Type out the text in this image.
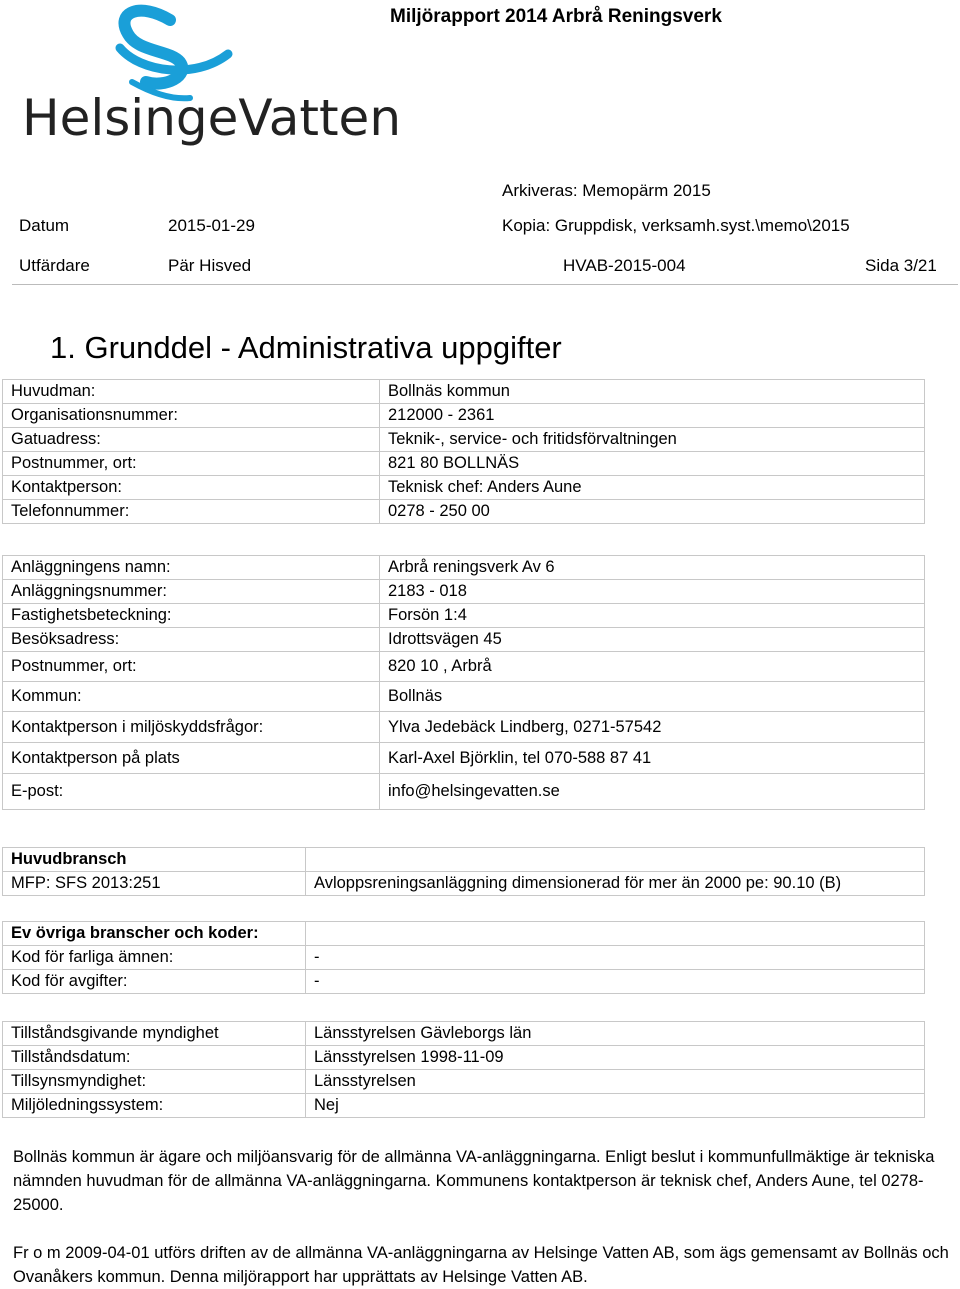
HelsingeVatten
Miljörapport 2014 Arbrå Reningsverk
Arkiveras: Memopärm 2015
Datum	2015-01-29	Kopia: Gruppdisk, verksamh.syst.\memo\2015
Utfärdare	Pär Hisved	HVAB-2015-004	Sida 3/21
1. Grunddel - Administrativa uppgifter
Huvudman:	Bollnäs kommun
Organisationsnummer:	212000 - 2361
Gatuadress:	Teknik-, service- och fritidsförvaltningen
Postnummer, ort:	821 80 BOLLNÄS
Kontaktperson:	Teknisk chef: Anders Aune
Telefonnummer:	0278 - 250 00
Anläggningens namn:	Arbrå reningsverk Av 6
Anläggningsnummer:	2183 - 018
Fastighetsbeteckning:	Forsön 1:4
Besöksadress:	Idrottsvägen 45
Postnummer, ort:	820 10 , Arbrå
Kommun:	Bollnäs
Kontaktperson i miljöskyddsfrågor:	Ylva Jedebäck Lindberg, 0271-57542
Kontaktperson på plats	Karl-Axel Björklin, tel 070-588 87 41
E-post:	info@helsingevatten.se
Huvudbransch	
MFP: SFS 2013:251	Avloppsreningsanläggning dimensionerad för mer än 2000 pe: 90.10 (B)
Ev övriga branscher och koder:	
Kod för farliga ämnen:	-
Kod för avgifter:	-
Tillståndsgivande myndighet	Länsstyrelsen Gävleborgs län
Tillståndsdatum:	Länsstyrelsen 1998-11-09
Tillsynsmyndighet:	Länsstyrelsen
Miljöledningssystem:	Nej
Bollnäs kommun är ägare och miljöansvarig för de allmänna VA-anläggningarna. Enligt beslut i kommunfullmäktige är tekniska nämnden huvudman för de allmänna VA-anläggningarna. Kommunens kontaktperson är teknisk chef, Anders Aune, tel 0278-25000.
Fr o m 2009-04-01 utförs driften av de allmänna VA-anläggningarna av Helsinge Vatten AB, som ägs gemensamt av Bollnäs och Ovanåkers kommun. Denna miljörapport har upprättats av Helsinge Vatten AB.
